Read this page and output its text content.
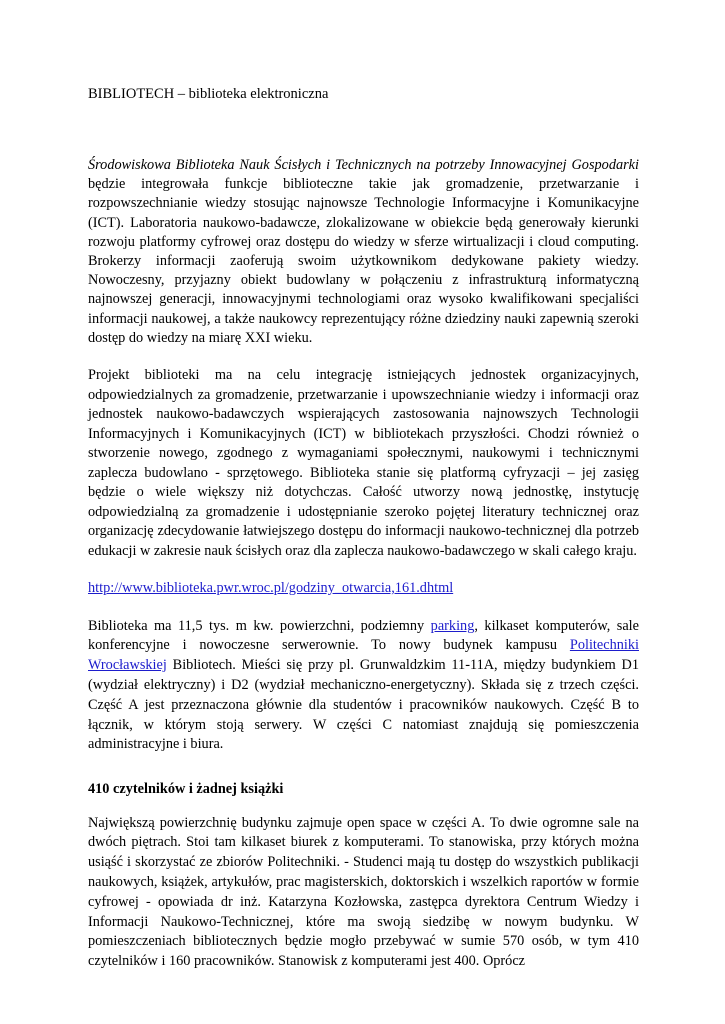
BIBLIOTECH – biblioteka elektroniczna

Środowiskowa Biblioteka Nauk Ścisłych i Technicznych na potrzeby Innowacyjnej Gospodarki będzie integrowała funkcje biblioteczne takie jak gromadzenie, przetwarzanie i rozpowszechnianie wiedzy stosując najnowsze Technologie Informacyjne i Komunikacyjne (ICT). Laboratoria naukowo-badawcze, zlokalizowane w obiekcie będą generowały kierunki rozwoju platformy cyfrowej oraz dostępu do wiedzy w sferze wirtualizacji i cloud computing. Brokerzy informacji zaoferują swoim użytkownikom dedykowane pakiety wiedzy. Nowoczesny, przyjazny obiekt budowlany w połączeniu z infrastrukturą informatyczną najnowszej generacji, innowacyjnymi technologiami oraz wysoko kwalifikowani specjaliści informacji naukowej, a także naukowcy reprezentujący różne dziedziny nauki zapewnią szeroki dostęp do wiedzy na miarę XXI wieku.

Projekt biblioteki ma na celu integrację istniejących jednostek organizacyjnych, odpowiedzialnych za gromadzenie, przetwarzanie i upowszechnianie wiedzy i informacji oraz jednostek naukowo-badawczych wspierających zastosowania najnowszych Technologii Informacyjnych i Komunikacyjnych (ICT) w bibliotekach przyszłości. Chodzi również o stworzenie nowego, zgodnego z wymaganiami społecznymi, naukowymi i technicznymi zaplecza budowlano - sprzętowego. Biblioteka stanie się platformą cyfryzacji – jej zasięg będzie o wiele większy niż dotychczas. Całość utworzy nową jednostkę, instytucję odpowiedzialną za gromadzenie i udostępnianie szeroko pojętej literatury technicznej oraz organizację zdecydowanie łatwiejszego dostępu do informacji naukowo-technicznej dla potrzeb edukacji w zakresie nauk ścisłych oraz dla zaplecza naukowo-badawczego w skali całego kraju.

http://www.biblioteka.pwr.wroc.pl/godziny_otwarcia,161.dhtml

Biblioteka ma 11,5 tys. m kw. powierzchni, podziemny parking, kilkaset komputerów, sale konferencyjne i nowoczesne serwerownie. To nowy budynek kampusu Politechniki Wrocławskiej Bibliotech. Mieści się przy pl. Grunwaldzkim 11-11A, między budynkiem D1 (wydział elektryczny) i D2 (wydział mechaniczno-energetyczny). Składa się z trzech części. Część A jest przeznaczona głównie dla studentów i pracowników naukowych. Część B to łącznik, w którym stoją serwery. W części C natomiast znajdują się pomieszczenia administracyjne i biura.

410 czytelników i żadnej książki

Największą powierzchnię budynku zajmuje open space w części A. To dwie ogromne sale na dwóch piętrach. Stoi tam kilkaset biurek z komputerami. To stanowiska, przy których można usiąść i skorzystać ze zbiorów Politechniki. - Studenci mają tu dostęp do wszystkich publikacji naukowych, książek, artykułów, prac magisterskich, doktorskich i wszelkich raportów w formie cyfrowej - opowiada dr inż. Katarzyna Kozłowska, zastępca dyrektora Centrum Wiedzy i Informacji Naukowo-Technicznej, które ma swoją siedzibę w nowym budynku. W pomieszczeniach bibliotecznych będzie mogło przebywać w sumie 570 osób, w tym 410 czytelników i 160 pracowników. Stanowisk z komputerami jest 400. Oprócz
